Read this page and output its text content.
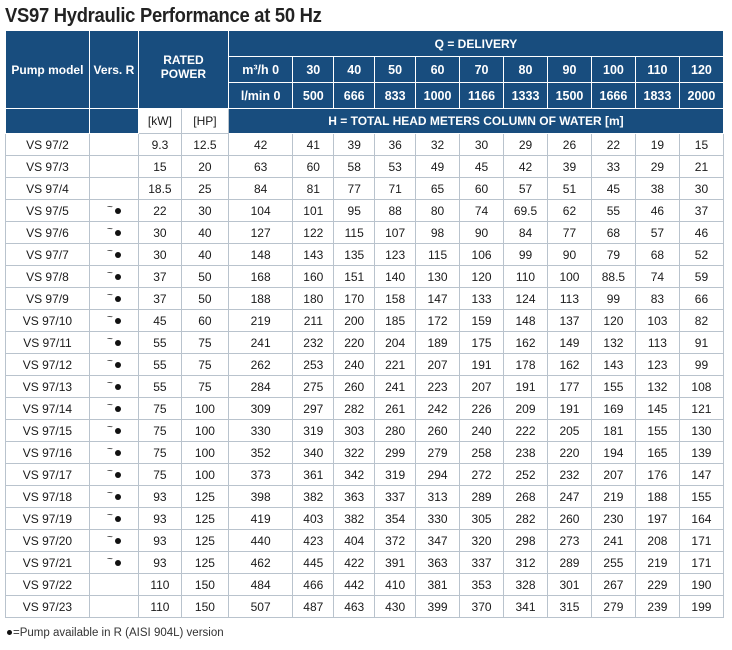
VS97 Hydraulic Performance at 50 Hz
Pump model	Vers. R	RATED POWER		Q = DELIVERY										
				m³/h 0	30	40	50	60	70	80	90	100	110	120
				l/min 0	500	666	833	1000	1166	1333	1500	1666	1833	2000
		[kW]	[HP]	H = TOTAL HEAD METERS COLUMN OF WATER [m]										
VS 97/2		9.3	12.5	42	41	39	36	32	30	29	26	22	19	15
VS 97/3		15	20	63	60	58	53	49	45	42	39	33	29	21
VS 97/4		18.5	25	84	81	77	71	65	60	57	51	45	38	30
VS 97/5	~	22	30	104	101	95	88	80	74	69.5	62	55	46	37
VS 97/6	~	30	40	127	122	115	107	98	90	84	77	68	57	46
VS 97/7	~	30	40	148	143	135	123	115	106	99	90	79	68	52
VS 97/8	~	37	50	168	160	151	140	130	120	110	100	88.5	74	59
VS 97/9	~	37	50	188	180	170	158	147	133	124	113	99	83	66
VS 97/10	~	45	60	219	211	200	185	172	159	148	137	120	103	82
VS 97/11	~	55	75	241	232	220	204	189	175	162	149	132	113	91
VS 97/12	~	55	75	262	253	240	221	207	191	178	162	143	123	99
VS 97/13	~	55	75	284	275	260	241	223	207	191	177	155	132	108
VS 97/14	~	75	100	309	297	282	261	242	226	209	191	169	145	121
VS 97/15	~	75	100	330	319	303	280	260	240	222	205	181	155	130
VS 97/16	~	75	100	352	340	322	299	279	258	238	220	194	165	139
VS 97/17	~	75	100	373	361	342	319	294	272	252	232	207	176	147
VS 97/18	~	93	125	398	382	363	337	313	289	268	247	219	188	155
VS 97/19	~	93	125	419	403	382	354	330	305	282	260	230	197	164
VS 97/20	~	93	125	440	423	404	372	347	320	298	273	241	208	171
VS 97/21	~	93	125	462	445	422	391	363	337	312	289	255	219	171
VS 97/22		110	150	484	466	442	410	381	353	328	301	267	229	190
VS 97/23		110	150	507	487	463	430	399	370	341	315	279	239	199
=Pump available in R (AISI 904L) version
